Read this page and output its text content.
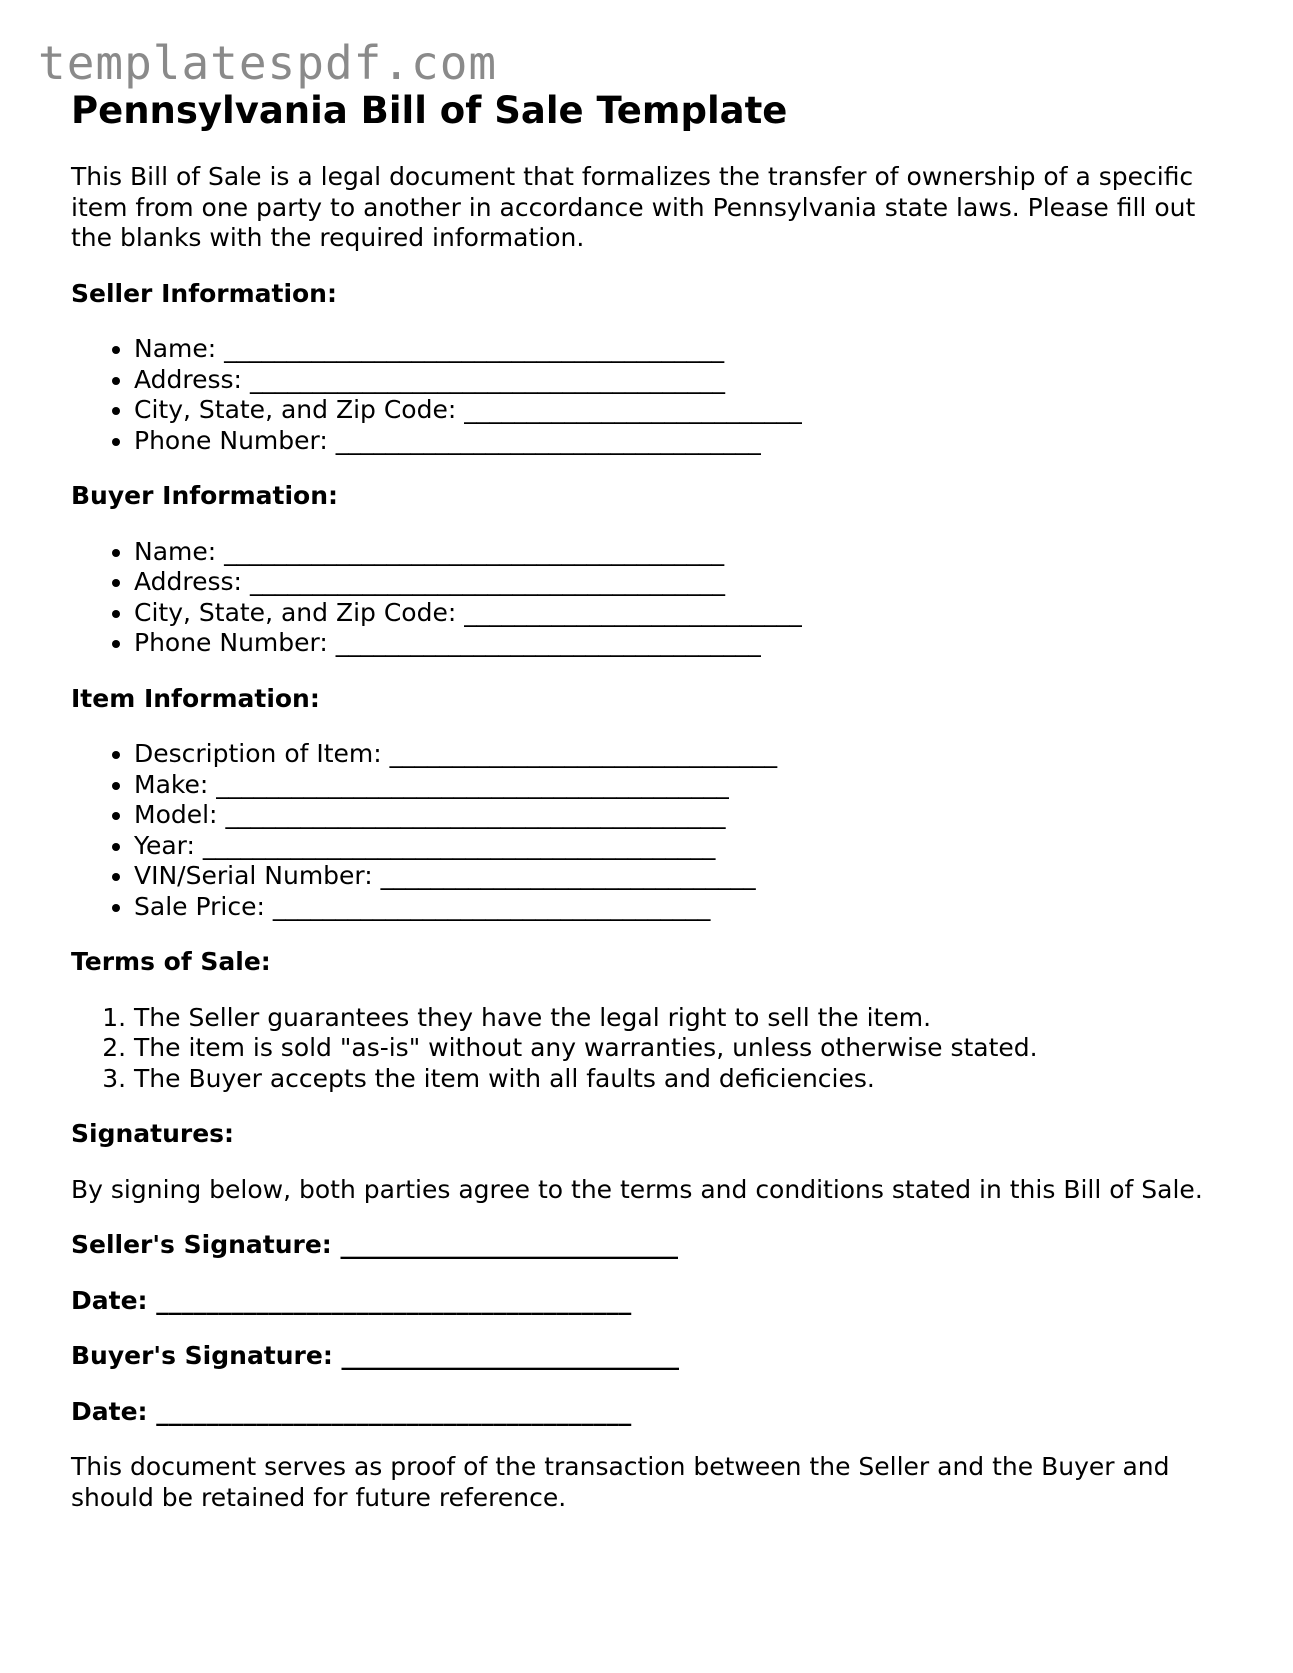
templatespdf.com
Pennsylvania Bill of Sale Template

This Bill of Sale is a legal document that formalizes the transfer of ownership of a specific item from one party to another in accordance with Pennsylvania state laws. Please fill out the blanks with the required information.

Seller Information:

• Name: ________________________________________
• Address: ______________________________________
• City, State, and Zip Code: ___________________________
• Phone Number: __________________________________

Buyer Information:

• Name: ________________________________________
• Address: ______________________________________
• City, State, and Zip Code: ___________________________
• Phone Number: __________________________________

Item Information:

• Description of Item: _______________________________
• Make: _________________________________________
• Model: ________________________________________
• Year: _________________________________________
• VIN/Serial Number: ______________________________
• Sale Price: ___________________________________

Terms of Sale:

1. The Seller guarantees they have the legal right to sell the item.
2. The item is sold "as-is" without any warranties, unless otherwise stated.
3. The Buyer accepts the item with all faults and deficiencies.

Signatures:

By signing below, both parties agree to the terms and conditions stated in this Bill of Sale.

Seller's Signature: ___________________________

Date: ______________________________________

Buyer's Signature: ___________________________

Date: ______________________________________

This document serves as proof of the transaction between the Seller and the Buyer and should be retained for future reference.
